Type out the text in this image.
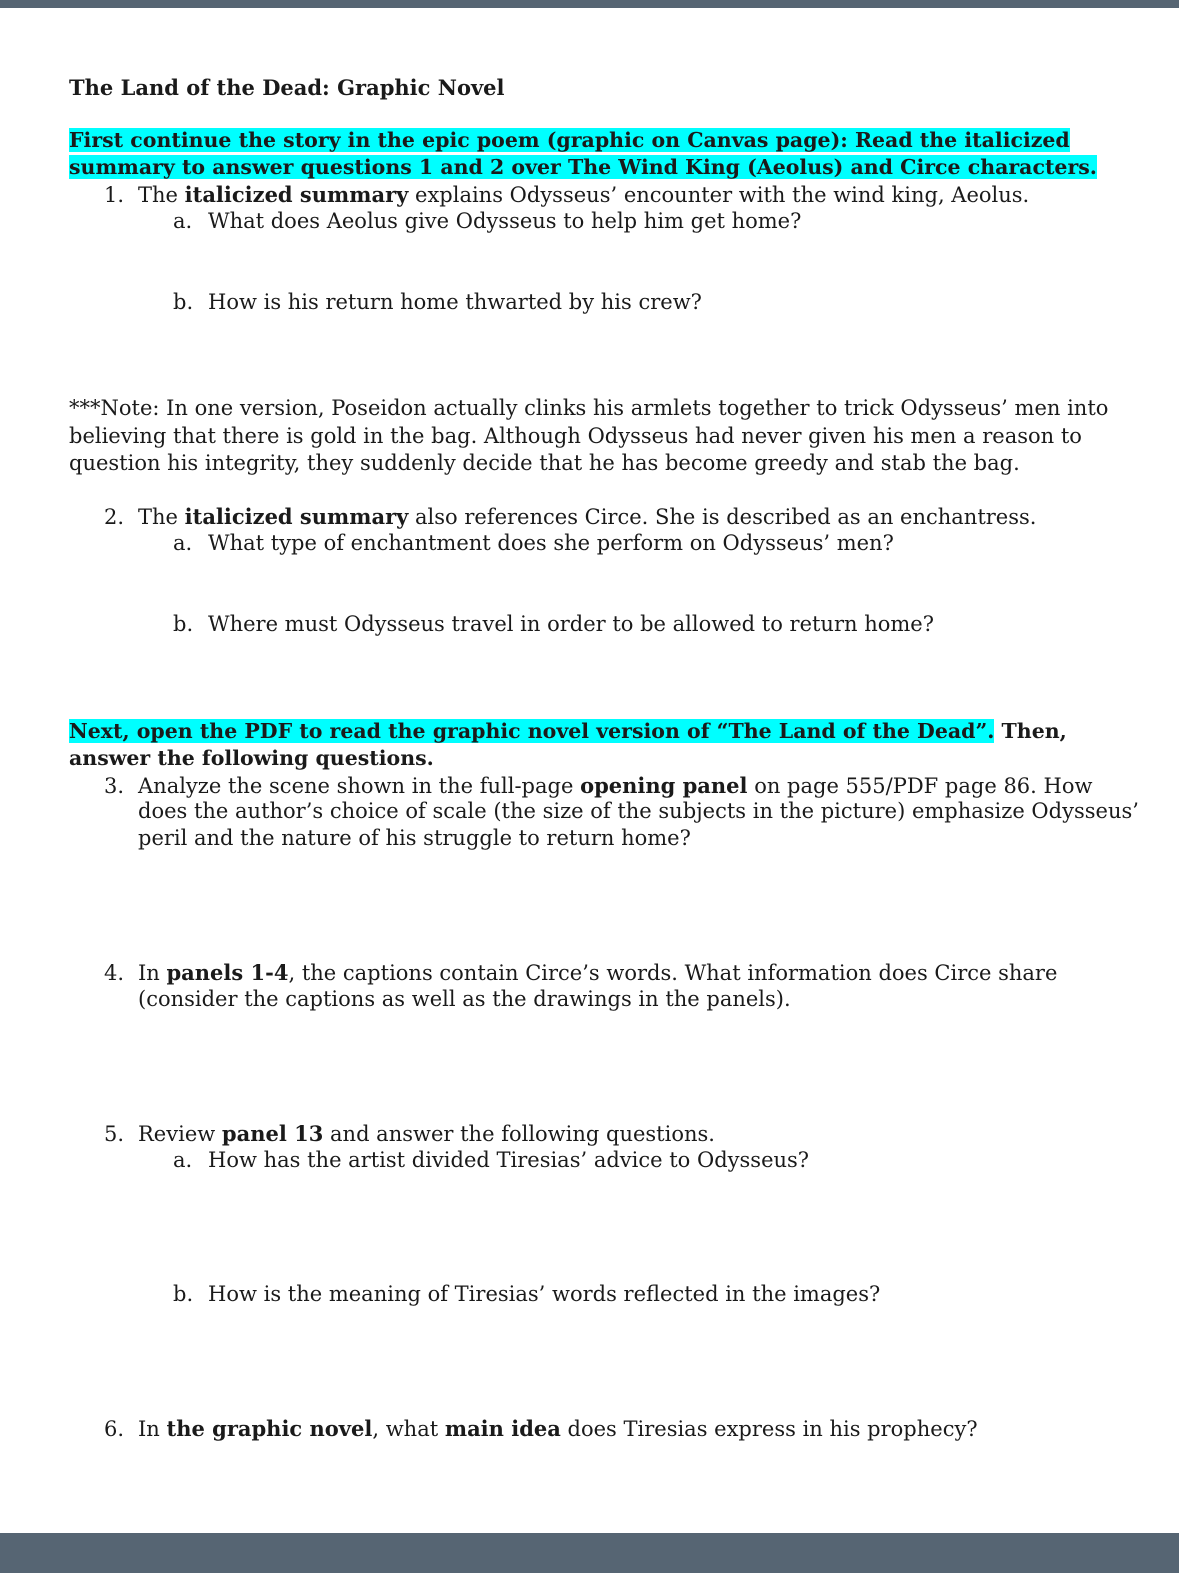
The Land of the Dead: Graphic Novel
First continue the story in the epic poem (graphic on Canvas page): Read the italicized
summary to answer questions 1 and 2 over The Wind King (Aeolus) and Circe characters.
1. The italicized summary explains Odysseus’ encounter with the wind king, Aeolus.
a. What does Aeolus give Odysseus to help him get home?
b. How is his return home thwarted by his crew?
***Note: In one version, Poseidon actually clinks his armlets together to trick Odysseus’ men into
believing that there is gold in the bag. Although Odysseus had never given his men a reason to
question his integrity, they suddenly decide that he has become greedy and stab the bag.
2. The italicized summary also references Circe. She is described as an enchantress.
a. What type of enchantment does she perform on Odysseus’ men?
b. Where must Odysseus travel in order to be allowed to return home?
Next, open the PDF to read the graphic novel version of “The Land of the Dead”. Then,
answer the following questions.
3. Analyze the scene shown in the full-page opening panel on page 555/PDF page 86. How
does the author’s choice of scale (the size of the subjects in the picture) emphasize Odysseus’
peril and the nature of his struggle to return home?
4. In panels 1-4, the captions contain Circe’s words. What information does Circe share
(consider the captions as well as the drawings in the panels).
5. Review panel 13 and answer the following questions.
a. How has the artist divided Tiresias’ advice to Odysseus?
b. How is the meaning of Tiresias’ words reflected in the images?
6. In the graphic novel, what main idea does Tiresias express in his prophecy?
